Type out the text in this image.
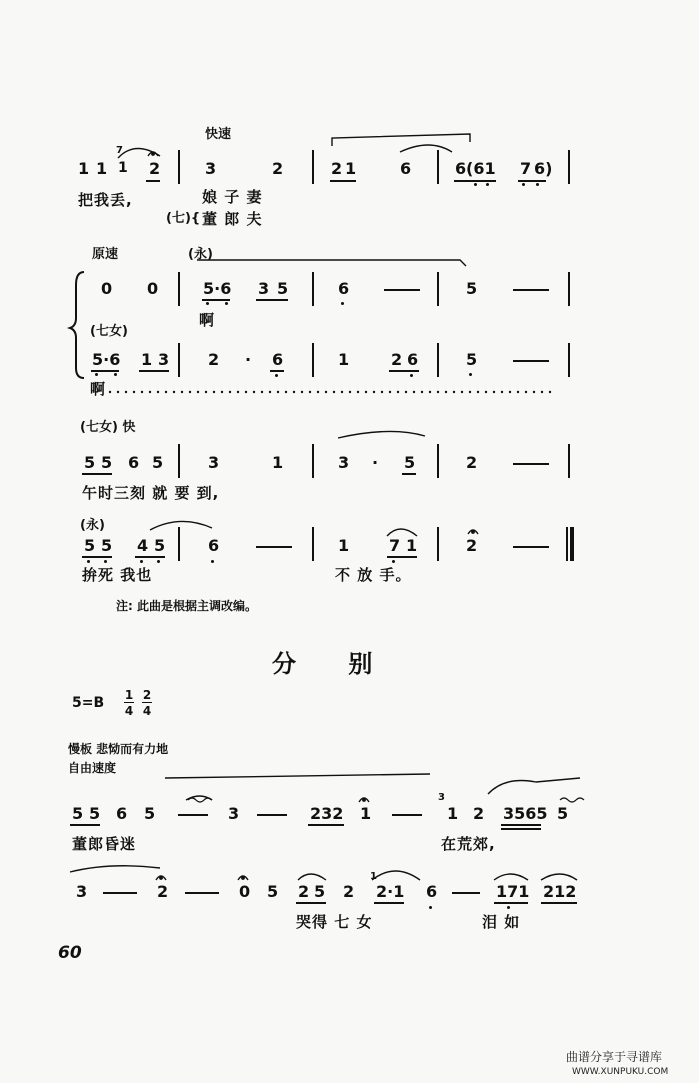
快速
1 1 1
7
2	3	2	2 1	6	6 (61 7 6)
把我丢,	娘 子 妻
(七){ 董 郎 夫
原速	(永)
0 0	5·6 3 5	6	5
啊
(七女)
5·6 1 3 2 · 6	1	2 6	5
啊
(七女) 快
5 5 6 5	3	1	3 · 5	2
午时三刻 就 要 到,
(永)
5 5 4 5	6	1 7 1	2
拚死 我也	不 放 手。
注: 此曲是根据主调改编。
分 别
5=B 1
4
2
4
慢板 悲恸而有力地
自由速度
5 5 6 5	3	232 1	1
3
2 3565 5
董郎昏迷	在荒郊,
3	2	0 5 2 5 2 2·1
1
6	171 212
哭得 七 女	泪 如
60
曲谱分享于寻谱库
WWW.XUNPUKU.COM
